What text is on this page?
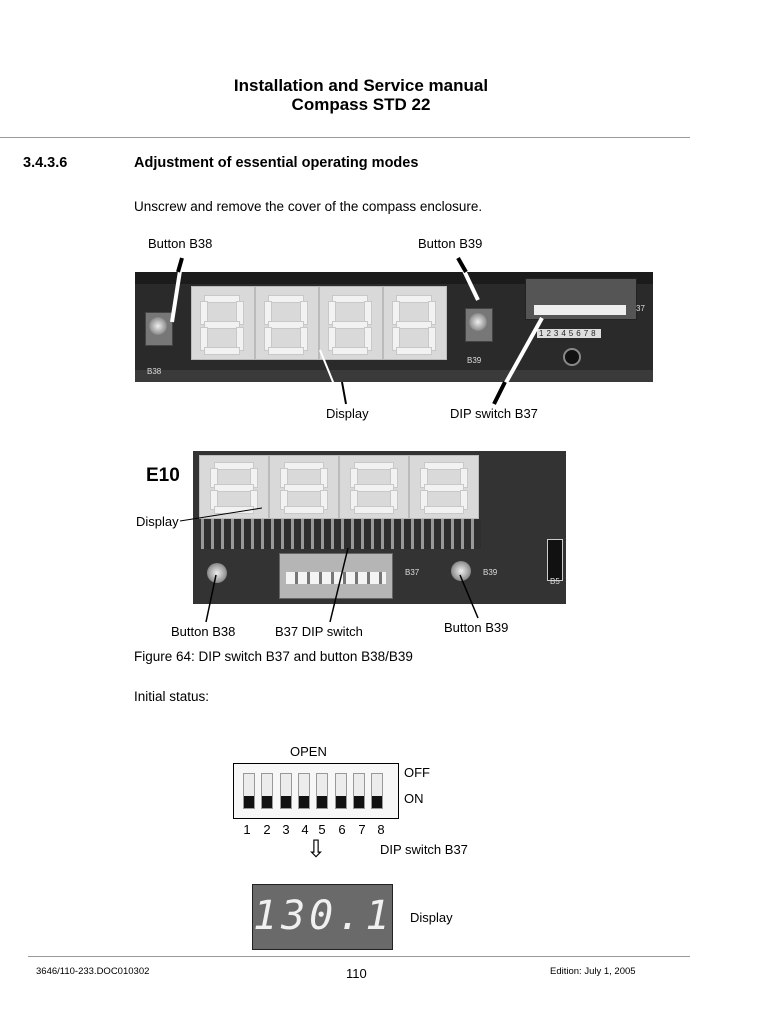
Installation and Service manual
Compass STD 22
3.4.3.6	Adjustment of essential operating modes
Unscrew and remove the cover of the compass enclosure.
Button B38	Button B39
B38
B39
37
12345678
Display	DIP switch B37
E10
Display
B37	B39
B5
Button B38	B37 DIP switch	Button B39
Figure 64: DIP switch B37 and button B38/B39
Initial status:
OPEN
OFF
ON
1 2 3 4 5 6 7 8
⇩	DIP switch B37
130.1 Display
3646/110-233.DOC010302	110	Edition: July 1, 2005
